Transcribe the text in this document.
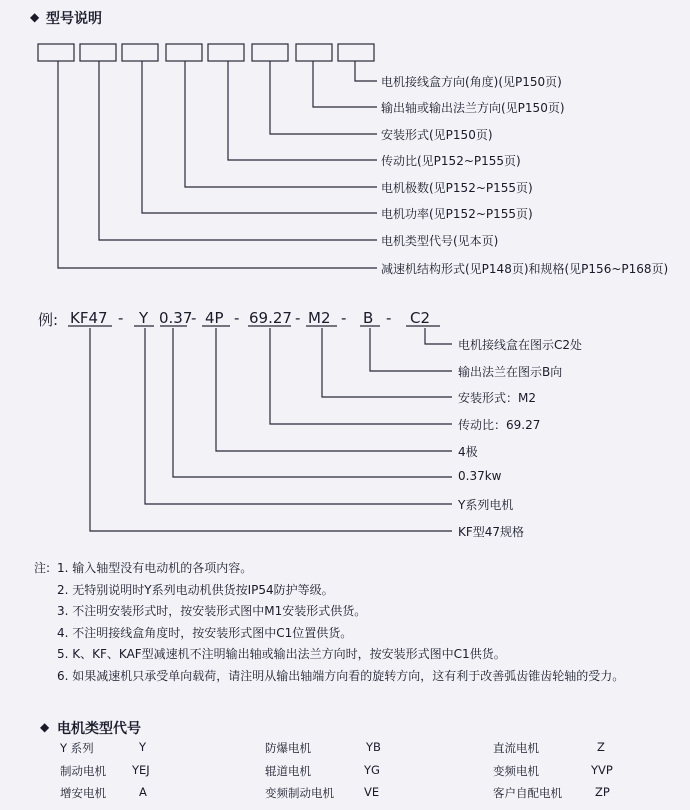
◆ 型号说明
电机接线盒方向(角度)(见P150页)
输出轴或输出法兰方向(见P150页)
安装形式(见P150页)
传动比(见P152~P155页)
电机极数(见P152~P155页)
电机功率(见P152~P155页)
电机类型代号(见本页)
减速机结构形式(见P148页)和规格(见P156~P168页)
例: KF47 - Y 0.37
- 4P - 69.27 - M2 - B - C2
电机接线盒在图示C2处
输出法兰在图示B向
安装形式：M2
传动比：69.27
4极
0.37kw
Y系列电机
KF型47规格
注: 1. 输入轴型没有电动机的各项内容。
2. 无特别说明时Y系列电动机供货按IP54防护等级。
3. 不注明安装形式时，按安装形式图中M1安装形式供货。
4. 不注明接线盒角度时，按安装形式图中C1位置供货。
5. K、KF、KAF型减速机不注明输出轴或输出法兰方向时，按安装形式图中C1供货。
6. 如果减速机只承受单向载荷，请注明从输出轴端方向看的旋转方向，这有利于改善弧齿锥齿轮轴的受力。
◆ 电机类型代号
Y 系列	Y	防爆电机	YB	直流电机	Z
制动电机 YEJ	辊道电机	YG	变频电机	YVP
增安电机	A	变频制动电机	VE	客户自配电机	ZP
